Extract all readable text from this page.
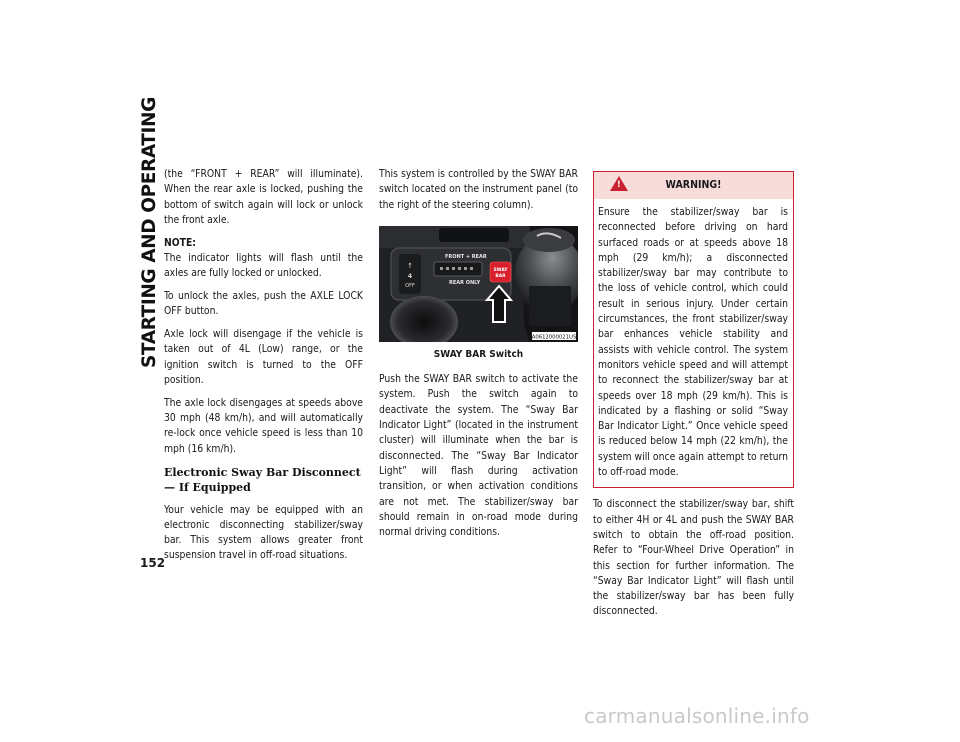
STARTING AND OPERATING
152

(the “FRONT + REAR” will illuminate). When the rear axle is locked, pushing the bottom of switch again will lock or unlock the front axle.

NOTE:
The indicator lights will flash until the axles are fully locked or unlocked.

To unlock the axles, push the AXLE LOCK OFF button.

Axle lock will disengage if the vehicle is taken out of 4L (Low) range, or the ignition switch is turned to the OFF position.

The axle lock disengages at speeds above 30 mph (48 km/h), and will automatically re-lock once vehicle speed is less than 10 mph (16 km/h).

Electronic Sway Bar Disconnect — If Equipped

Your vehicle may be equipped with an electronic disconnecting stabilizer/sway bar. This system allows greater front suspension travel in off-road situations.

This system is controlled by the SWAY BAR switch located on the instrument panel (to the right of the steering column).

↑
4
OFF
FRONT + REAR
REAR ONLY
SWAY
BAR
A0612000021US
SWAY BAR Switch

Push the SWAY BAR switch to activate the system. Push the switch again to deactivate the system. The “Sway Bar Indicator Light” (located in the instrument cluster) will illuminate when the bar is disconnected. The “Sway Bar Indicator Light” will flash during activation transition, or when activation conditions are not met. The stabilizer/sway bar should remain in on-road mode during normal driving conditions.

!	WARNING!
Ensure the stabilizer/sway bar is reconnected before driving on hard surfaced roads or at speeds above 18 mph (29 km/h); a disconnected stabilizer/sway bar may contribute to the loss of vehicle control, which could result in serious injury. Under certain circumstances, the front stabilizer/sway bar enhances vehicle stability and assists with vehicle control. The system monitors vehicle speed and will attempt to reconnect the stabilizer/sway bar at speeds over 18 mph (29 km/h). This is indicated by a flashing or solid “Sway Bar Indicator Light.” Once vehicle speed is reduced below 14 mph (22 km/h), the system will once again attempt to return to off-road mode.

To disconnect the stabilizer/sway bar, shift to either 4H or 4L and push the SWAY BAR switch to obtain the off-road position. Refer to “Four-Wheel Drive Operation” in this section for further information. The “Sway Bar Indicator Light” will flash until the stabilizer/sway bar has been fully disconnected.

carmanualsonline.info
